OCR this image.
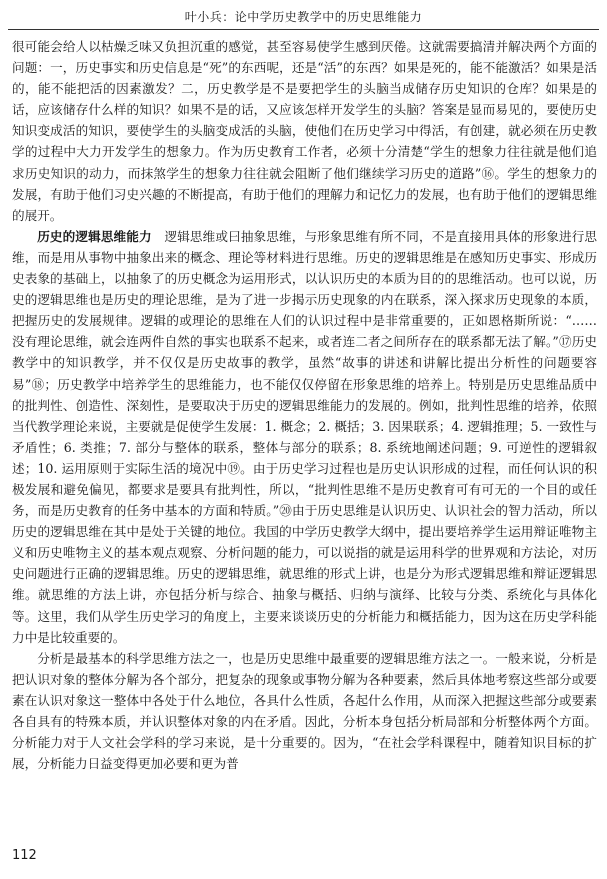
叶小兵：论中学历史教学中的历史思维能力

很可能会给人以枯燥乏味又负担沉重的感觉，甚至容易使学生感到厌倦。这就需要搞清并解决两个方面的问题：一，历史事实和历史信息是“死”的东西呢，还是“活”的东西？如果是死的，能不能激活？如果是活的，能不能把活的因素激发？二，历史教学是不是要把学生的头脑当成储存历史知识的仓库？如果是的话，应该储存什么样的知识？如果不是的话，又应该怎样开发学生的头脑？答案是显而易见的，要使历史知识变成活的知识，要使学生的头脑变成活的头脑，使他们在历史学习中得活，有创建，就必须在历史教学的过程中大力开发学生的想象力。作为历史教育工作者，必须十分清楚“学生的想象力往往就是他们追求历史知识的动力，而抹煞学生的想象力往往就会阻断了他们继续学习历史的道路”⑯。学生的想象力的发展，有助于他们习史兴趣的不断提高，有助于他们的理解力和记忆力的发展，也有助于他们的逻辑思维的展开。

历史的逻辑思维能力　 逻辑思维或曰抽象思维，与形象思维有所不同，不是直接用具体的形象进行思维，而是用从事物中抽象出来的概念、理论等材料进行思维。历史的逻辑思维是在感知历史事实、形成历史表象的基础上，以抽象了的历史概念为运用形式，以认识历史的本质为目的的思维活动。也可以说，历史的逻辑思维也是历史的理论思维，是为了进一步揭示历史现象的内在联系，深入探求历史现象的本质，把握历史的发展规律。逻辑的或理论的思维在人们的认识过程中是非常重要的，正如恩格斯所说：“……没有理论思维，就会连两件自然的事实也联系不起来，或者连二者之间所存在的联系都无法了解。”⑰历史教学中的知识教学，并不仅仅是历史故事的教学，虽然“故事的讲述和讲解比提出分析性的问题要容易”⑱；历史教学中培养学生的思维能力，也不能仅仅停留在形象思维的培养上。特别是历史思维品质中的批判性、创造性、深刻性，是要取决于历史的逻辑思维能力的发展的。例如，批判性思维的培养，依照当代教学理论来说，主要就是促使学生发展：1. 概念；2. 概括；3. 因果联系；4. 逻辑推理；5. 一致性与矛盾性；6. 类推；7. 部分与整体的联系，整体与部分的联系；8. 系统地阐述问题；9. 可逆性的逻辑叙述；10. 运用原则于实际生活的境况中⑲。由于历史学习过程也是历史认识形成的过程，而任何认识的积极发展和避免偏见，都要求是要具有批判性，所以，“批判性思维不是历史教育可有可无的一个目的或任务，而是历史教育的任务中基本的方面和特质。”⑳由于历史思维是认识历史、认识社会的智力活动，所以历史的逻辑思维在其中是处于关键的地位。我国的中学历史教学大纲中，提出要培养学生运用辩证唯物主义和历史唯物主义的基本观点观察、分析问题的能力，可以说指的就是运用科学的世界观和方法论，对历史问题进行正确的逻辑思维。历史的逻辑思维，就思维的形式上讲，也是分为形式逻辑思维和辩证逻辑思维。就思维的方法上讲，亦包括分析与综合、抽象与概括、归纳与演绎、比较与分类、系统化与具体化等。这里，我们从学生历史学习的角度上，主要来谈谈历史的分析能力和概括能力，因为这在历史学科能力中是比较重要的。

分析是最基本的科学思维方法之一，也是历史思维中最重要的逻辑思维方法之一。一般来说，分析是把认识对象的整体分解为各个部分，把复杂的现象或事物分解为各种要素，然后具体地考察这些部分或要素在认识对象这一整体中各处于什么地位，各具什么性质，各起什么作用，从而深入把握这些部分或要素各自具有的特殊本质，并认识整体对象的内在矛盾。因此，分析本身包括分析局部和分析整体两个方面。分析能力对于人文社会学科的学习来说，是十分重要的。因为，“在社会学科课程中，随着知识目标的扩展，分析能力日益变得更加必要和更为普

112
